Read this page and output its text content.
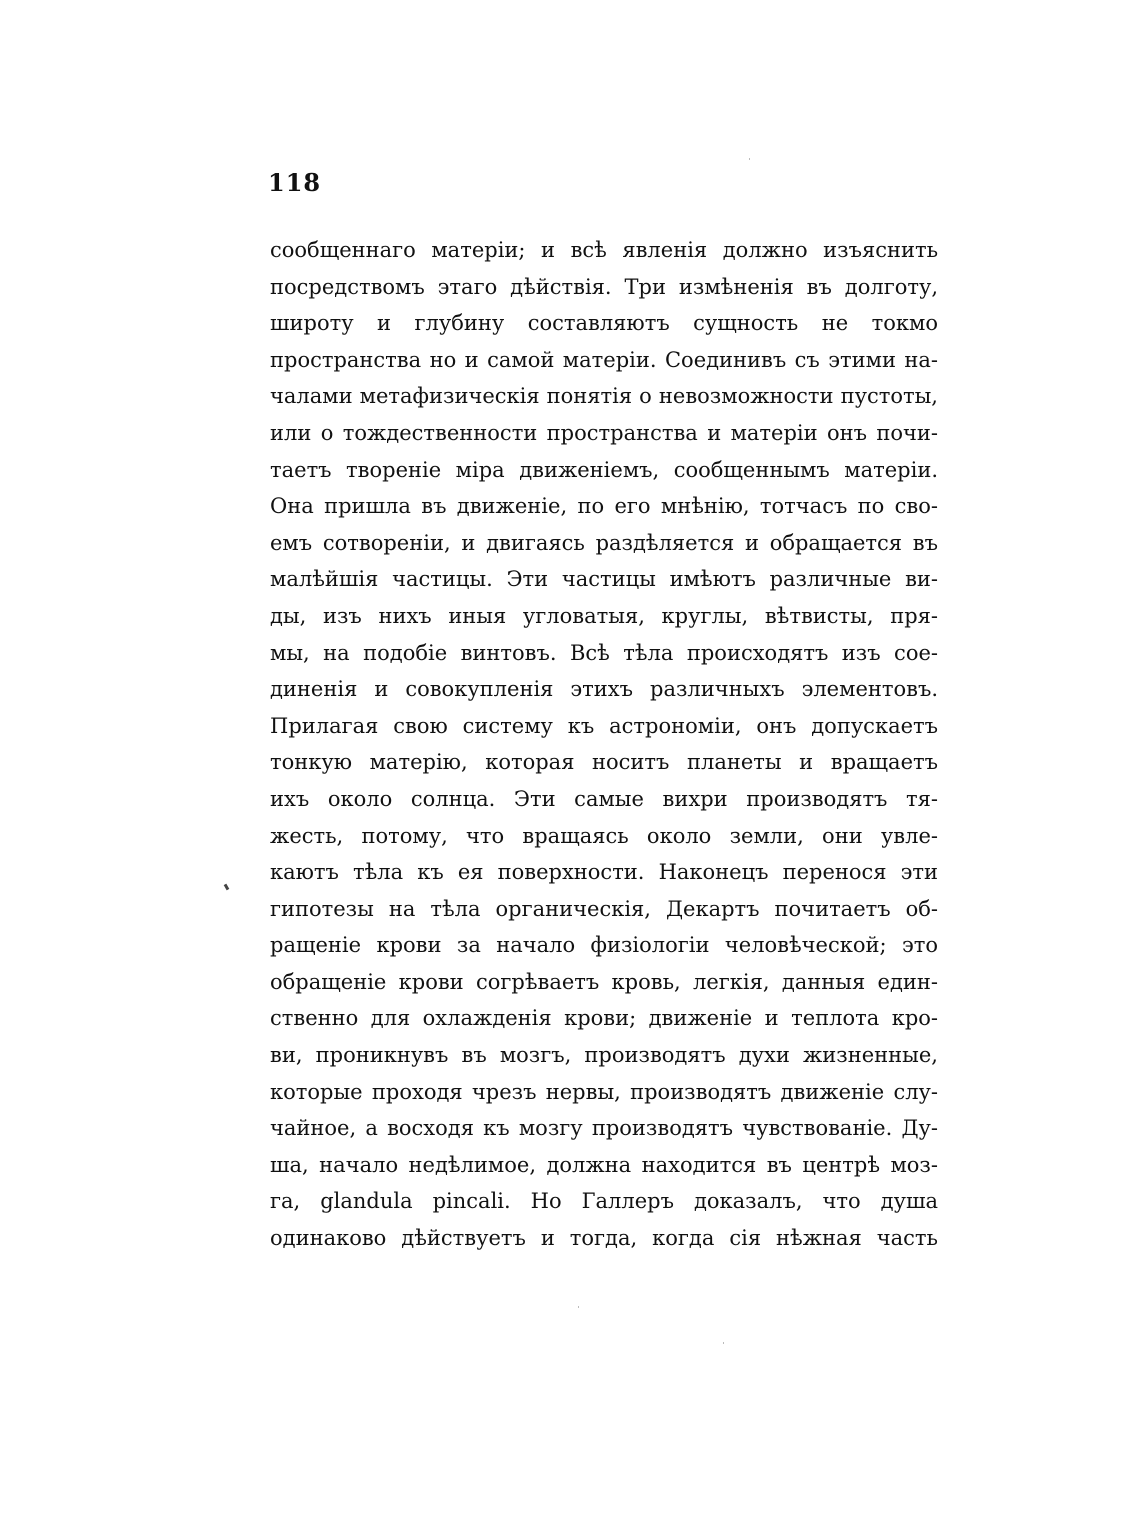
118
сообщеннаго матеріи; и всѣ явленія должно изъяснить
посредствомъ этаго дѣйствія. Три измѣненія въ долготу,
широту и глубину составляютъ сущность не токмо
пространства но и самой матеріи. Соединивъ съ этими на-
чалами метафизическія понятія о невозможности пустоты,
или о тождественности пространства и матеріи онъ почи-
таетъ твореніе міра движеніемъ, сообщеннымъ матеріи.
Она пришла въ движеніе, по его мнѣнію, тотчасъ по сво-
емъ сотвореніи, и двигаясь раздѣляется и обращается въ
малѣйшія частицы. Эти частицы имѣютъ различные ви-
ды, изъ нихъ иныя угловатыя, круглы, вѣтвисты, пря-
мы, на подобіе винтовъ. Всѣ тѣла происходятъ изъ сое-
диненія и совокупленія этихъ различныхъ элементовъ.
Прилагая свою систему къ астрономіи, онъ допускаетъ
тонкую матерію, которая носитъ планеты и вращаетъ
ихъ около солнца. Эти самые вихри производятъ тя-
жесть, потому, что вращаясь около земли, они увле-
каютъ тѣла къ ея поверхности. Наконецъ перенося эти
гипотезы на тѣла органическія, Декартъ почитаетъ об-
ращеніе крови за начало физіологіи человѣческой; это
обращеніе крови согрѣваетъ кровь, легкія, данныя един-
ственно для охлажденія крови; движеніе и теплота кро-
ви, проникнувъ въ мозгъ, производятъ духи жизненные,
которые проходя чрезъ нервы, производятъ движеніе слу-
чайное, а восходя къ мозгу производятъ чувствованіе. Ду-
ша, начало недѣлимое, должна находится въ центрѣ моз-
га, glandula pincali. Но Галлеръ доказалъ, что душа
одинаково дѣйствуетъ и тогда, когда сія нѣжная часть
